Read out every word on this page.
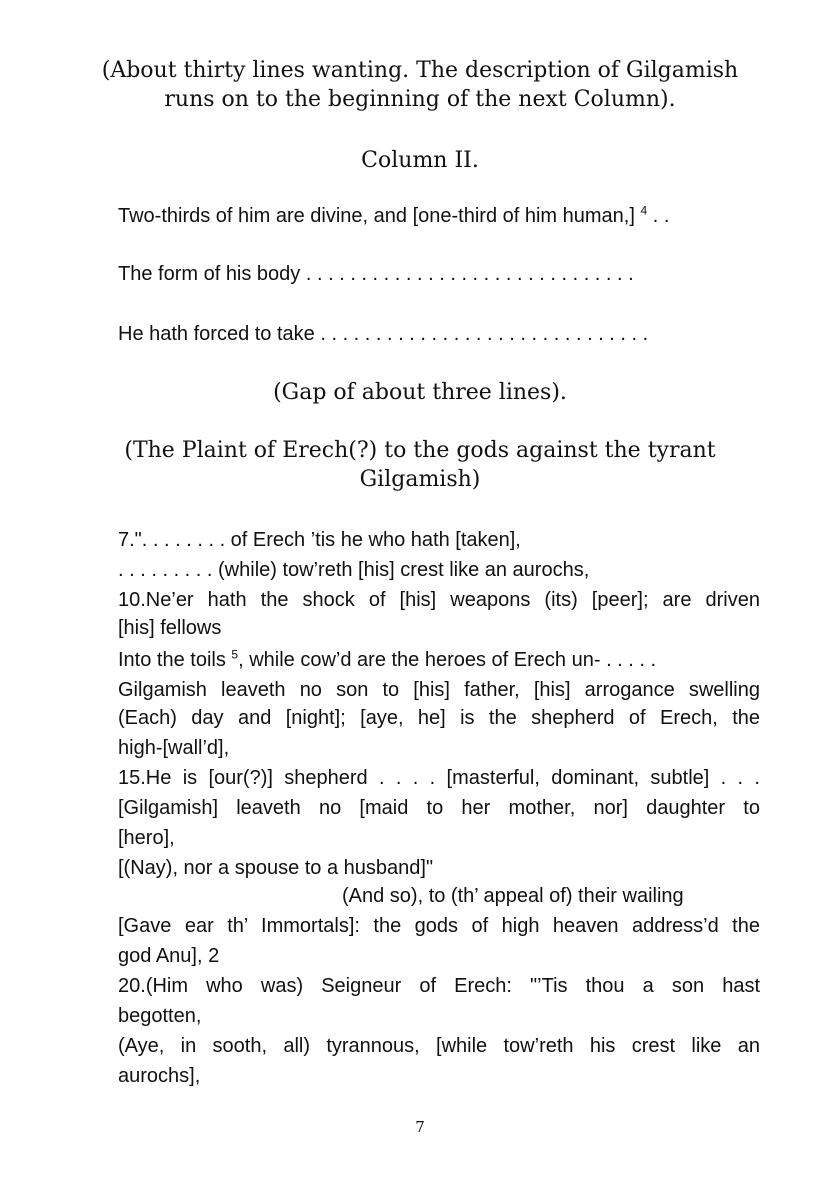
(About thirty lines wanting. The description of Gilgamish
runs on to the beginning of the next Column).
Column II.
Two-thirds of him are divine, and [one-third of him human,] $^4$ . .
The form of his body . . . . . . . . . . . . . . . . . . . . . . . . . . . . . .
He hath forced to take . . . . . . . . . . . . . . . . . . . . . . . . . . . . . .
(Gap of about three lines).
(The Plaint of Erech(?) to the gods against the tyrant
Gilgamish)
7.". . . . . . . . of Erech ’tis he who hath [taken],
. . . . . . . . . (while) tow’reth [his] crest like an aurochs,
10.Ne’er hath the shock of [his] weapons (its) [peer]; are driven
[his] fellows
Into the toils $^5$, while cow’d are the heroes of Erech un- . . . . .
Gilgamish leaveth no son to [his] father, [his] arrogance swelling
(Each) day and [night]; [aye, he] is the shepherd of Erech, the
high-[wall’d],
15.He is [our(?)] shepherd . . . . [masterful, dominant, subtle] . . .
[Gilgamish] leaveth no [maid to her mother, nor] daughter to
[hero],
[(Nay), nor a spouse to a husband]"
(And so), to (th’ appeal of) their wailing
[Gave ear th’ Immortals]: the gods of high heaven address’d the
god Anu], 2
20.(Him who was) Seigneur of Erech: "’Tis thou a son hast
begotten,
(Aye, in sooth, all) tyrannous, [while tow’reth his crest like an
aurochs],
7
